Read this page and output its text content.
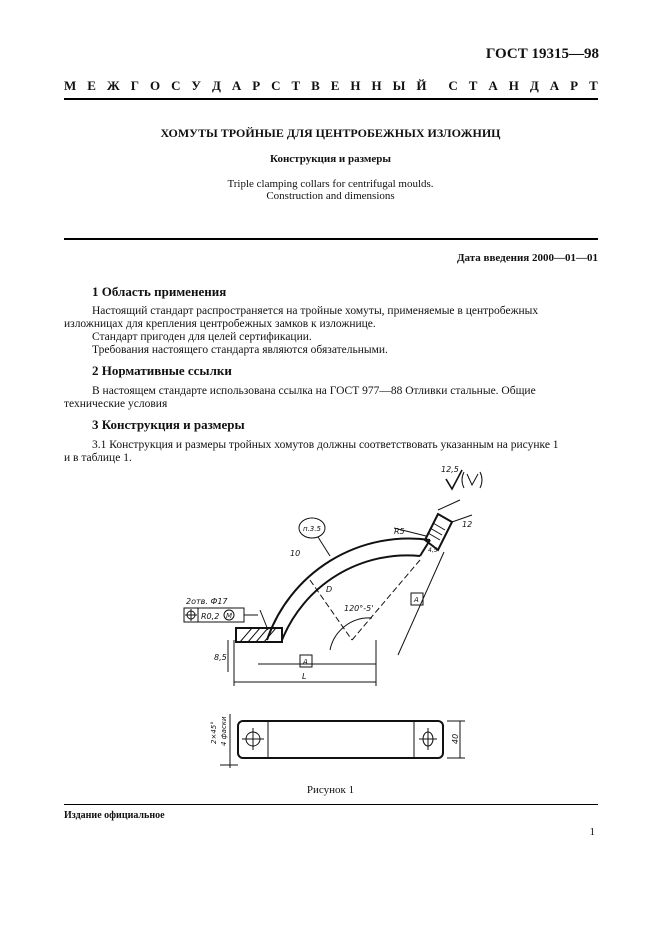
ГОСТ 19315—98
М Е Ж Г О С У Д А Р С Т В Е Н Н Ы Й С Т А Н Д А Р Т
ХОМУТЫ ТРОЙНЫЕ ДЛЯ ЦЕНТРОБЕЖНЫХ ИЗЛОЖНИЦ
Конструкция и размеры
Triple clamping collars for centrifugal moulds.
Construction and dimensions
Дата введения 2000—01—01
1 Область применения
Настоящий стандарт распространяется на тройные хомуты, применяемые в центробежных
изложницах для крепления центробежных замков к изложнице.
Стандарт пригоден для целей сертификации.
Требования настоящего стандарта являются обязательными.
2 Нормативные ссылки
В настоящем стандарте использована ссылка на ГОСТ 977—88 Отливки стальные. Общие
технические условия
3 Конструкция и размеры
3.1 Конструкция и размеры тройных хомутов должны соответствовать указанным на рисунке 1
и в таблице 1.
12,5
2отв. Ф17
R0,2 М
п.3.5
10
D
120°-5'
R5
12
4,5
A
A
L
8,5
2×45° 4 фаски	40
Рисунок 1
Издание официальное
1
